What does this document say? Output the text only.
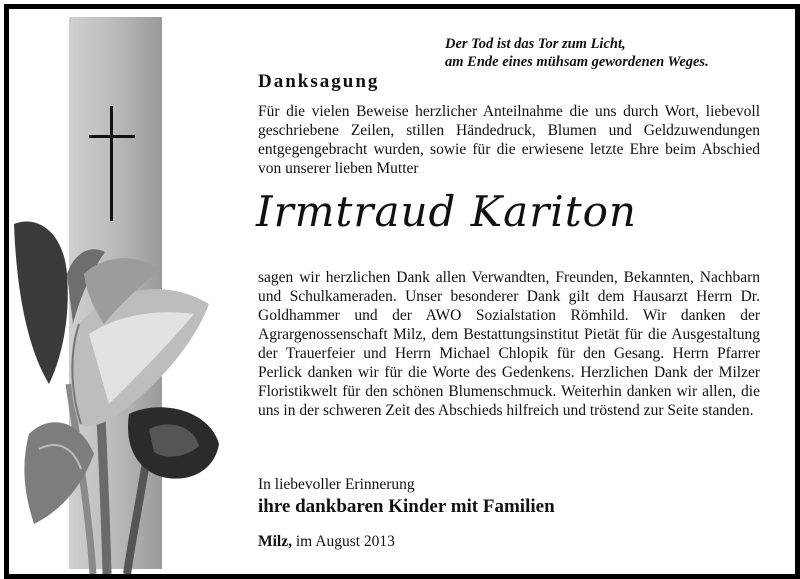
Der Tod ist das Tor zum Licht,
am Ende eines mühsam gewordenen Weges.
Danksagung

Für die vielen Beweise herzlicher Anteilnahme die uns durch Wort, liebevoll geschriebene Zeilen, stillen Händedruck, Blumen und Geldzuwendungen entgegengebracht wurden, sowie für die erwiesene letzte Ehre beim Abschied von unserer lieben Mutter

Irmtraud Kariton

sagen wir herzlichen Dank allen Verwandten, Freunden, Bekannten, Nachbarn und Schulkameraden. Unser besonderer Dank gilt dem Hausarzt Herrn Dr. Goldhammer und der AWO Sozialstation Römhild. Wir danken der Agrargenossenschaft Milz, dem Bestattungsinstitut Pietät für die Ausgestaltung der Trauerfeier und Herrn Michael Chlopik für den Gesang. Herrn Pfarrer Perlick danken wir für die Worte des Gedenkens. Herzlichen Dank der Milzer Floristikwelt für den schönen Blumenschmuck. Weiterhin danken wir allen, die uns in der schweren Zeit des Abschieds hilfreich und tröstend zur Seite standen.

In liebevoller Erinnerung
ihre dankbaren Kinder mit Familien
Milz, im August 2013
